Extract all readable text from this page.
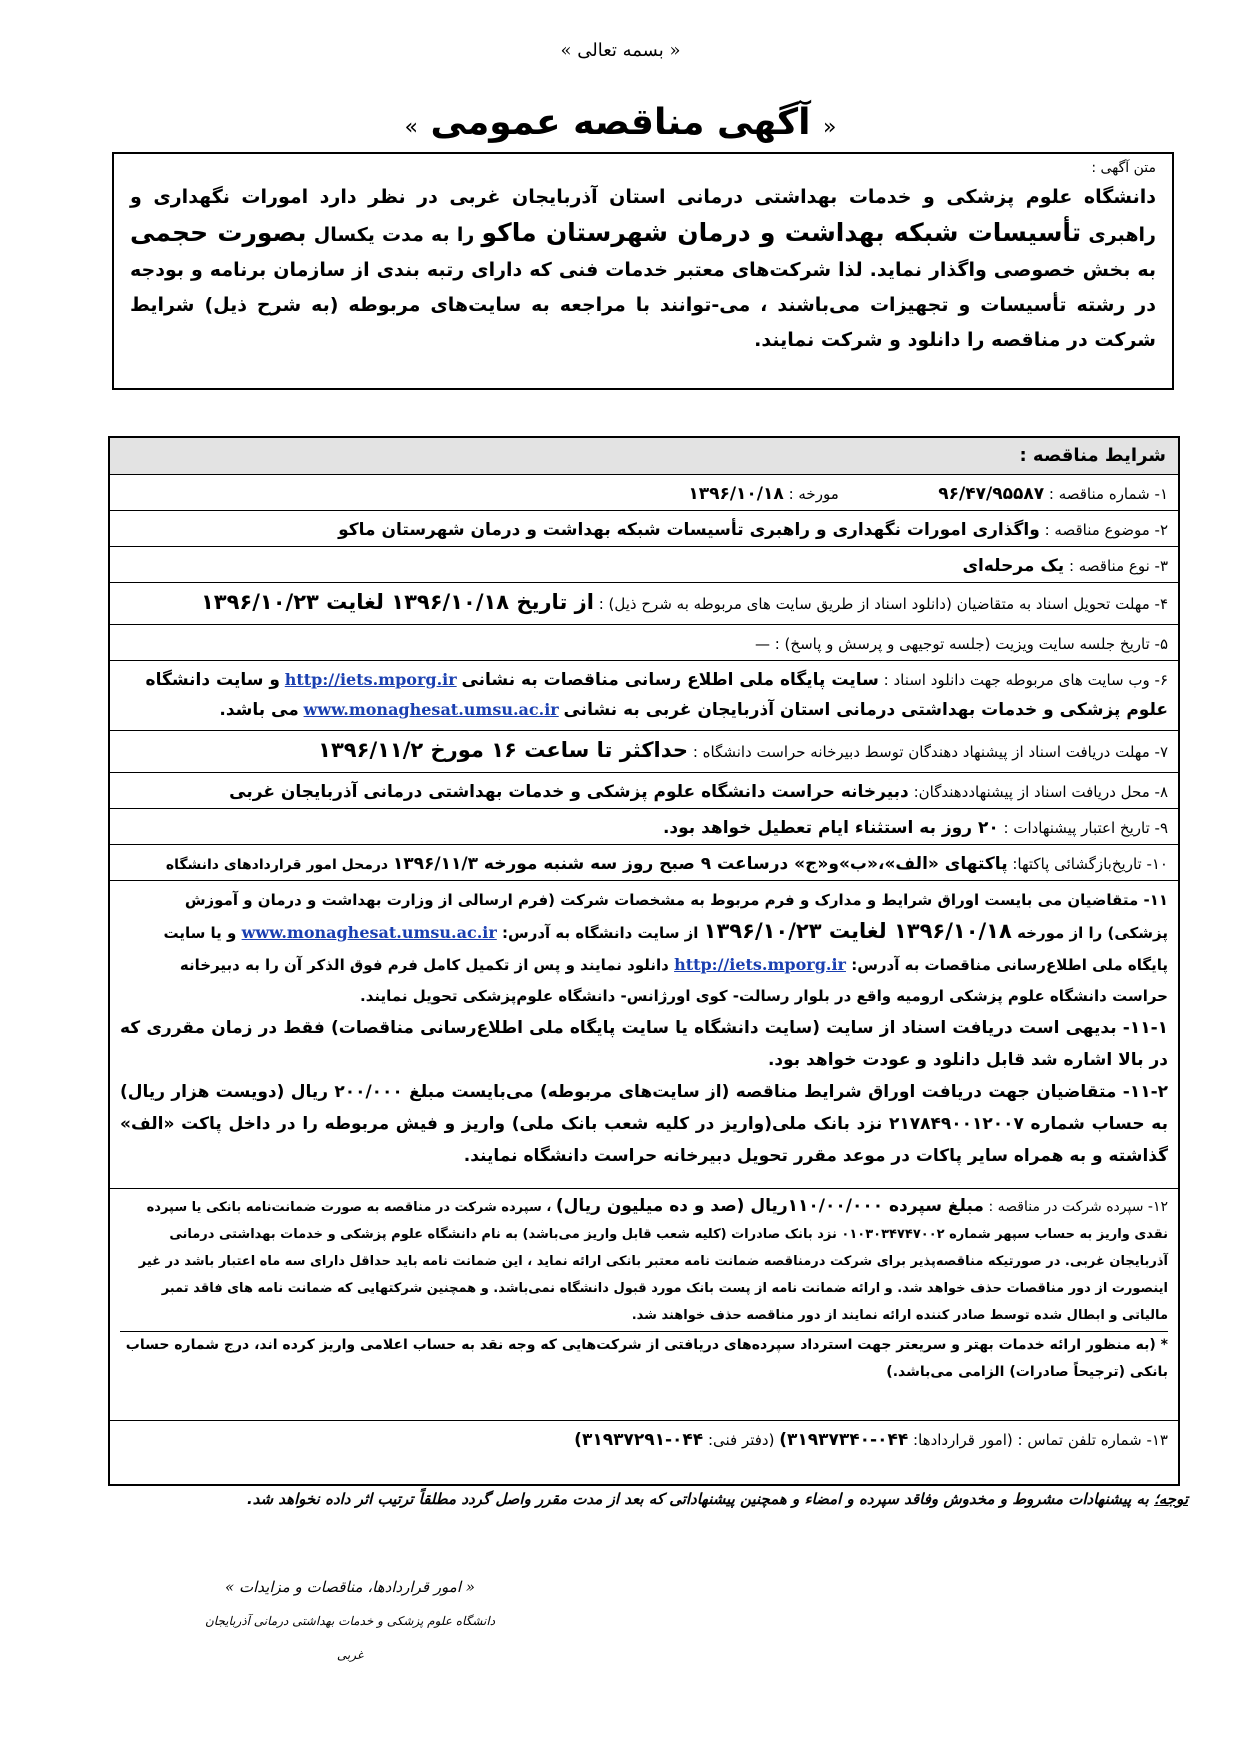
« بسمه تعالی »
« آگهی مناقصه عمومی »
متن آگهی :
دانشگاه علوم پزشکی و خدمات بهداشتی درمانی استان آذربایجان غربی در نظر دارد امورات نگهداری و راهبری تأسیسات شبکه بهداشت و درمان شهرستان ماکو را به مدت یکسال بصورت حجمی به بخش خصوصی واگذار نماید. لذا شرکت‌های معتبر خدمات فنی که دارای رتبه بندی از سازمان برنامه و بودجه در رشته تأسیسات و تجهیزات می‌باشند ، می-توانند با مراجعه به سایت‌های مربوطه (به شرح ذیل) شرایط شرکت در مناقصه را دانلود و شرکت نمایند.
شرایط مناقصه :
۱- شماره مناقصه : ۹۶/۴۷/۹۵۵۸۷  مورخه : ۱۳۹۶/۱۰/۱۸
۲- موضوع مناقصه : واگذاری امورات نگهداری و راهبری تأسیسات شبکه بهداشت و درمان شهرستان ماکو
۳- نوع مناقصه : یک مرحله‌ای
۴- مهلت تحویل اسناد به متقاضیان (دانلود اسناد از طریق سایت های مربوطه به شرح ذیل) : از تاریخ ۱۳۹۶/۱۰/۱۸ لغایت ۱۳۹۶/۱۰/۲۳
۵- تاریخ جلسه سایت ویزیت (جلسه توجیهی و پرسش و پاسخ) : —
۶- وب سایت های مربوطه جهت دانلود اسناد : سایت پایگاه ملی اطلاع رسانی مناقصات به نشانی http://iets.mporg.ir و سایت دانشگاه علوم پزشکی و خدمات بهداشتی درمانی استان آذربایجان غربی به نشانی www.monaghesat.umsu.ac.ir می باشد.
۷- مهلت دریافت اسناد از پیشنهاد دهندگان توسط دبیرخانه حراست دانشگاه : حداکثر تا ساعت ۱۶ مورخ ۱۳۹۶/۱۱/۲
۸- محل دریافت اسناد از پیشنهاددهندگان: دبیرخانه حراست دانشگاه علوم پزشکی و خدمات بهداشتی درمانی آذربایجان غربی
۹- تاریخ اعتبار پیشنهادات : ۲۰ روز به استثناء ایام تعطیل خواهد بود.
۱۰- تاریخ‌بازگشائی پاکتها: پاکتهای «الف»،«ب»و«ج» درساعت ۹ صبح روز سه شنبه مورخه ۱۳۹۶/۱۱/۳ درمحل امور قراردادهای دانشگاه
۱۱- متقاضیان می بایست اوراق شرایط و مدارک و فرم مربوط به مشخصات شرکت (فرم ارسالی از وزارت بهداشت و درمان و آموزش پزشکی) را از مورخه ۱۳۹۶/۱۰/۱۸ لغایت ۱۳۹۶/۱۰/۲۳ از سایت دانشگاه به آدرس: www.monaghesat.umsu.ac.ir و یا سایت پایگاه ملی اطلاع‌رسانی مناقصات به آدرس: http://iets.mporg.ir دانلود نمایند و پس از تکمیل کامل فرم فوق الذکر آن را به دبیرخانه حراست دانشگاه علوم پزشکی ارومیه واقع در بلوار رسالت- کوی اورژانس- دانشگاه علوم‌پزشکی تحویل نمایند.
۱۱-۱- بدیهی است دریافت اسناد از سایت (سایت دانشگاه یا سایت پایگاه ملی اطلاع‌رسانی مناقصات) فقط در زمان مقرری که در بالا اشاره شد قابل دانلود و عودت خواهد بود.
۱۱-۲- متقاضیان جهت دریافت اوراق شرایط مناقصه (از سایت‌های مربوطه) می‌بایست مبلغ ۲۰۰/۰۰۰ ریال (دویست هزار ریال) به حساب شماره ۲۱۷۸۴۹۰۰۱۲۰۰۷ نزد بانک ملی(واریز در کلیه شعب بانک ملی) واریز و فیش مربوطه را در داخل پاکت «الف» گذاشته و به همراه سایر پاکات در موعد مقرر تحویل دبیرخانه حراست دانشگاه نمایند.
۱۲- سپرده شرکت در مناقصه : مبلغ سپرده ۱۱۰/۰۰/۰۰۰ریال (صد و ده میلیون ریال) ، سپرده شرکت در مناقصه به صورت ضمانت‌نامه بانکی یا سپرده نقدی واریز به حساب سپهر شماره ۰۱۰۳۰۳۴۷۴۷۰۰۲ نزد بانک صادرات (کلیه شعب قابل واریز می‌باشد) به نام دانشگاه علوم پزشکی و خدمات بهداشتی درمانی آذربایجان غربی. در صورتیکه مناقصه‌پذیر برای شرکت درمناقصه ضمانت نامه معتبر بانکی ارائه نماید ، این ضمانت نامه باید حداقل دارای سه ماه اعتبار باشد در غیر اینصورت از دور مناقصات حذف خواهد شد. و ارائه ضمانت نامه از پست بانک مورد قبول دانشگاه نمی‌باشد. و همچنین شرکتهایی که ضمانت نامه های فاقد تمبر مالیاتی و ابطال شده توسط صادر کننده ارائه نمایند از دور مناقصه حذف خواهند شد.
* (به منظور ارائه خدمات بهتر و سریعتر جهت استرداد سپرده‌های دریافتی از شرکت‌هایی که وجه نقد به حساب اعلامی واریز کرده اند، درج شماره حساب بانکی (ترجیحاً صادرات) الزامی می‌باشد.)
۱۳- شماره تلفن تماس : (امور قراردادها: ۰۴۴-۳۱۹۳۷۳۴۰) (دفتر فنی: ۰۴۴-۳۱۹۳۷۲۹۱)
توجه؛ به پیشنهادات مشروط و مخدوش وفاقد سپرده و امضاء و همچنین پیشنهاداتی که بعد از مدت مقرر واصل گردد مطلقاً ترتیب اثر داده نخواهد شد.
« امور قراردادها، مناقصات و مزایدات »
دانشگاه علوم پزشکی و خدمات بهداشتی درمانی آذربایجان غربی
